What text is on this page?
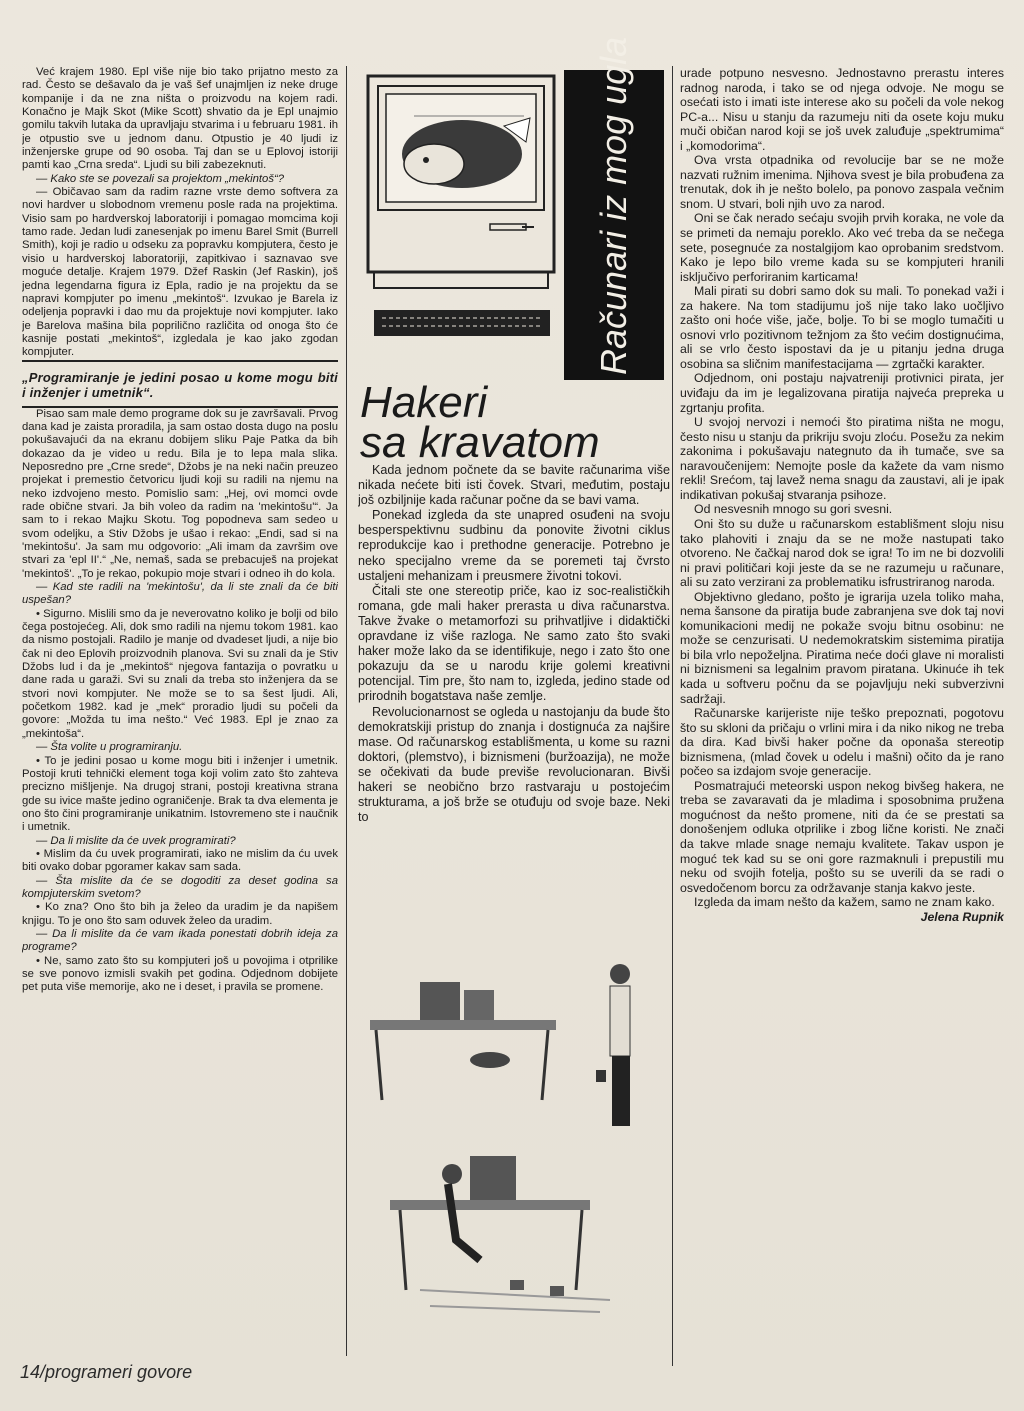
Već krajem 1980. Epl više nije bio tako prijatno mesto za rad. Često se dešavalo da je vaš šef unajmljen iz neke druge kompanije i da ne zna ništa o proizvodu na kojem radi. Konačno je Majk Skot (Mike Scott) shvatio da je Epl unajmio gomilu takvih lutaka da upravljaju stvarima i u februaru 1981. ih je otpustio sve u jednom danu. Otpustio je 40 ljudi iz inženjerske grupe od 90 osoba. Taj dan se u Eplovoj istoriji pamti kao „Crna sreda“. Ljudi su bili zabezeknuti.

— Kako ste se povezali sa projektom „mekintoš“?

— Običavao sam da radim razne vrste demo softvera za novi hardver u slobodnom vremenu posle rada na projektima. Visio sam po hardverskoj laboratoriji i pomagao momcima koji tamo rade. Jedan ludi zanesenjak po imenu Barel Smit (Burrell Smith), koji je radio u odseku za popravku kompjutera, često je visio u hardverskoj laboratoriji, zapitkivao i saznavao sve moguće detalje. Krajem 1979. Džef Raskin (Jef Raskin), još jedna legendarna figura iz Epla, radio je na projektu da se napravi kompjuter po imenu „mekintoš“. Izvukao je Barela iz odeljenja popravki i dao mu da projektuje novi kompjuter. Iako je Barelova mašina bila poprilično različita od onoga što će kasnije postati „mekintoš“, izgledala je kao jako zgodan kompjuter.

„Programiranje je jedini posao u kome mogu biti i inženjer i umetnik“.

Pisao sam male demo programe dok su je završavali. Prvog dana kad je zaista proradila, ja sam ostao dosta dugo na poslu pokušavajući da na ekranu dobijem sliku Paje Patka da bih dokazao da je video u redu. Bila je to lepa mala slika. Neposredno pre „Crne srede“, Džobs je na neki način preuzeo projekat i premestio četvoricu ljudi koji su radili na njemu na neko izdvojeno mesto. Pomislio sam: „Hej, ovi momci ovde rade obične stvari. Ja bih voleo da radim na 'mekintošu'“. Ja sam to i rekao Majku Skotu. Tog popodneva sam sedeo u svom odeljku, a Stiv Džobs je ušao i rekao: „Endi, sad si na 'mekintošu'. Ja sam mu odgovorio: „Ali imam da završim ove stvari za 'epl II'.“ „Ne, nemaš, sada se prebacuješ na projekat 'mekintoš'. „To je rekao, pokupio moje stvari i odneo ih do kola.

— Kad ste radili na 'mekintošu', da li ste znali da će biti uspešan?

• Sigurno. Mislili smo da je neverovatno koliko je bolji od bilo čega postojećeg. Ali, dok smo radili na njemu tokom 1981. kao da nismo postojali. Radilo je manje od dvadeset ljudi, a nije bio čak ni deo Eplovih proizvodnih planova. Svi su znali da je Stiv Džobs lud i da je „mekintoš“ njegova fantazija o povratku u dane rada u garaži. Svi su znali da treba sto inženjera da se stvori novi kompjuter. Ne može se to sa šest ljudi. Ali, početkom 1982. kad je „mek“ proradio ljudi su počeli da govore: „Možda tu ima nešto.“ Već 1983. Epl je znao za „mekintoša“.

— Šta volite u programiranju.

• To je jedini posao u kome mogu biti i inženjer i umetnik. Postoji kruti tehnički element toga koji volim zato što zahteva precizno mišljenje. Na drugoj strani, postoji kreativna strana gde su ivice mašte jedino ograničenje. Brak ta dva elementa je ono što čini programiranje unikatnim. Istovremeno ste i naučnik i umetnik.

— Da li mislite da će uvek programirati?

• Mislim da ću uvek programirati, iako ne mislim da ću uvek biti ovako dobar pgoramer kakav sam sada.

— Šta mislite da će se dogoditi za deset godina sa kompjuterskim svetom?

• Ko zna? Ono što bih ja želeo da uradim je da napišem knjigu. To je ono što sam oduvek želeo da uradim.

— Da li mislite da će vam ikada ponestati dobrih ideja za programe?

• Ne, samo zato što su kompjuteri još u povojima i otprilike se sve ponovo izmisli svakih pet godina. Odjednom dobijete pet puta više memorije, ako ne i deset, i pravila se promene.

Računari iz mog ugla
Hakeri
sa kravatom

Kada jednom počnete da se bavite računarima više nikada nećete biti isti čovek. Stvari, međutim, postaju još ozbiljnije kada računar počne da se bavi vama.

Ponekad izgleda da ste unapred osuđeni na svoju besperspektivnu sudbinu da ponovite životni ciklus reprodukcije kao i prethodne generacije. Potrebno je neko specijalno vreme da se poremeti taj čvrsto ustaljeni mehanizam i preusmere životni tokovi.

Čitali ste one stereotip priče, kao iz soc-realističkih romana, gde mali haker prerasta u diva računarstva. Takve žvake o metamorfozi su prihvatljive i didaktički opravdane iz više razloga. Ne samo zato što svaki haker može lako da se identifikuje, nego i zato što one pokazuju da se u narodu krije golemi kreativni potencijal. Tim pre, što nam to, izgleda, jedino stade od prirodnih bogatstava naše zemlje.

Revolucionarnost se ogleda u nastojanju da bude što demokratskiji pristup do znanja i dostignuća za najšire mase. Od računarskog establišmenta, u kome su razni doktori, (plemstvo), i biznismeni (buržoazija), ne može se očekivati da bude previše revolucionaran. Bivši hakeri se neobično brzo rastvaraju u postojećim strukturama, a još brže se otuđuju od svoje baze. Neki to

urade potpuno nesvesno. Jednostavno prerastu interes radnog naroda, i tako se od njega odvoje. Ne mogu se osećati isto i imati iste interese ako su počeli da vole nekog PC-a... Nisu u stanju da razumeju niti da osete koju muku muči običan narod koji se još uvek zaluđuje „spektrumima“ i „komodorima“.

Ova vrsta otpadnika od revolucije bar se ne može nazvati ružnim imenima. Njihova svest je bila probuđena za trenutak, dok ih je nešto bolelo, pa ponovo zaspala večnim snom. U stvari, boli njih uvo za narod.

Oni se čak nerado sećaju svojih prvih koraka, ne vole da se primeti da nemaju poreklo. Ako već treba da se nečega sete, posegnuće za nostalgijom kao oprobanim sredstvom. Kako je lepo bilo vreme kada su se kompjuteri hranili isključivo perforiranim karticama!

Mali pirati su dobri samo dok su mali. To ponekad važi i za hakere. Na tom stadijumu još nije tako lako uočljivo zašto oni hoće više, jače, bolje. To bi se moglo tumačiti u osnovi vrlo pozitivnom težnjom za što većim dostignućima, ali se vrlo često ispostavi da je u pitanju jedna druga osobina sa sličnim manifestacijama — zgrtački karakter.

Odjednom, oni postaju najvatreniji protivnici pirata, jer uviđaju da im je legalizovana piratija najveća prepreka u zgrtanju profita.

U svojoj nervozi i nemoći što piratima ništa ne mogu, često nisu u stanju da prikriju svoju zloću. Posežu za nekim zakonima i pokušavaju nategnuto da ih tumače, sve sa naravoučenijem: Nemojte posle da kažete da vam nismo rekli! Srećom, taj lavež nema snagu da zaustavi, ali je ipak indikativan pokušaj stvaranja psihoze.

Od nesvesnih mnogo su gori svesni.

Oni što su duže u računarskom establišment sloju nisu tako plahoviti i znaju da se ne može nastupati tako otvoreno. Ne čačkaj narod dok se igra! To im ne bi dozvolili ni pravi političari koji jeste da se ne razumeju u računare, ali su zato verzirani za problematiku isfrustriranog naroda.

Objektivno gledano, pošto je igrarija uzela toliko maha, nema šansone da piratija bude zabranjena sve dok taj novi komunikacioni medij ne pokaže svoju bitnu osobinu: ne može se cenzurisati. U nedemokratskim sistemima piratija bi bila vrlo nepoželjna. Piratima neće doći glave ni moralisti ni biznismeni sa legalnim pravom piratana. Ukinuće ih tek kada u softveru počnu da se pojavljuju neki subverzivni sadržaji.

Računarske karijeriste nije teško prepoznati, pogotovu što su skloni da pričaju o vrlini mira i da niko nikog ne treba da dira. Kad bivši haker počne da oponaša stereotip biznismena, (mlad čovek u odelu i mašni) očito da je rano počeo sa izdajom svoje generacije.

Posmatrajući meteorski uspon nekog bivšeg hakera, ne treba se zavaravati da je mladima i sposobnima pružena mogućnost da nešto promene, niti da će se prestati sa donošenjem odluka otprilike i zbog lične koristi. Ne znači da takve mlade snage nemaju kvalitete. Takav uspon je moguć tek kad su se oni gore razmaknuli i prepustili mu neku od svojih fotelja, pošto su se uverili da se radi o osvedočenom borcu za održavanje stanja kakvo jeste.

Izgleda da imam nešto da kažem, samo ne znam kako.

Jelena Rupnik

14/programeri govore
